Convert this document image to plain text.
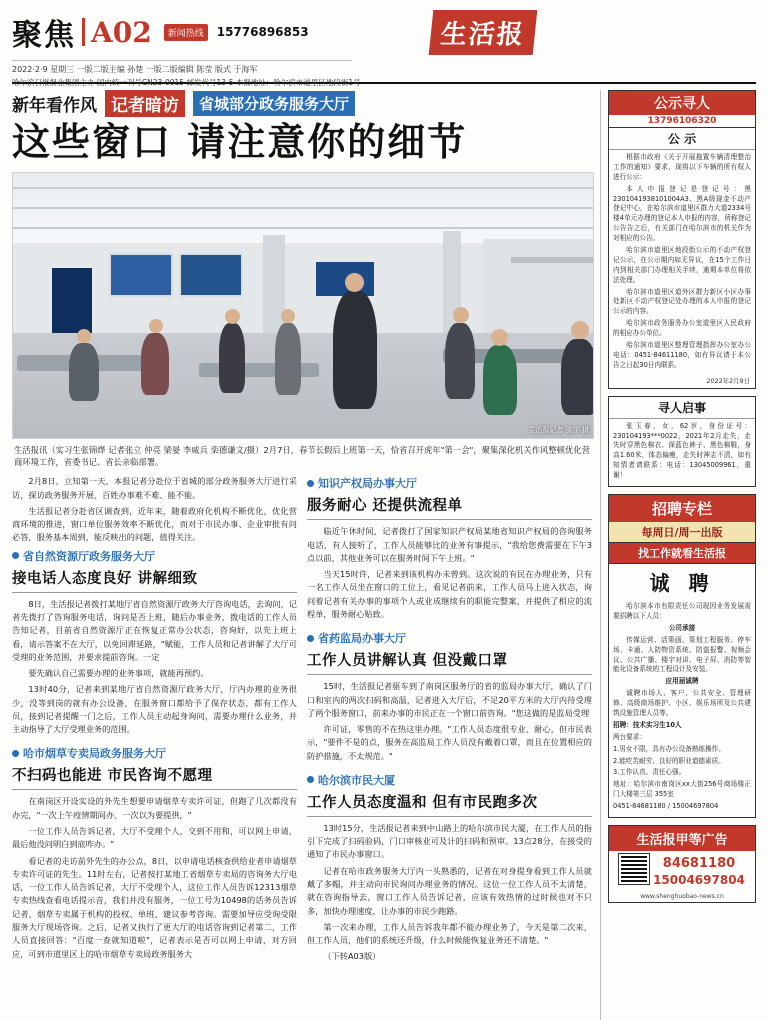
聚焦 A02	新闻热线	15776896853
2022·2·9 星期三 一版二版主编 孙楚 一版二版编辑 陈莹 版式 于海军
哈尔滨日报报业集团主办 国内统一刊号CN23-0015 邮发代号13-5 本报地址：哈尔滨市道里区地段街1号
生活报
新年看作风 记者暗访	省城部分政务服务大厅
这些窗口 请注意你的细节
生活报记者 张宇 摄
生活报讯（实习生张锦烨 记者张立 仲亮 梁晏 李威兵 栾德谦文/摄）2月7日，春节长假后上班第一天，恰省召开虎年"第一会"，聚集深化机关作风整顿优化营商环境工作，省委书记、省长亲临部署。

2月8日，立知第一天，本报记者分赴位于省城的部分政务服务大厅进行采访，探访政务服务开展、百姓办事难不难、能不能。

生活报记者分赴省区调查到，近年来，随着政府化机构不断优化，优化营商环境的推进，窗口单位服务效率不断优化，而对于市民办事、企业审批有问必答，服务基本周到，能反映出的问题，值得关注。

省自然资源厅政务服务大厅
接电话人态度良好 讲解细致

8日，生活报记者拨打某地厅省自然资源厅政务大厅咨询电话，去询问，记者先拨打了咨询服务电话，询问是否上班，随后办事业务，拨电话的工作人员告知记者，目前省自然资源厅正在恢复正常办公状态，咨询好，以先上班上看，请示答案不在大厅，以免回滞延路，"赋能，工作人员和记者讲解了大厅可受理的业务范围，并要求提前咨询。一定

要先确认自己需要办理的业务事项，就能再预约。

13时40分，记者来到某地厅省自然资源厅政务大厅，厅内办理的业务很少，没等到岗的就有办公设备，在服务窗口都给予了保存状态，都有工作人员，接到记者提醒一门之后，工作人员主动起身询问，需要办理什么业务，并主动指导了大厅受理业务的范围。

哈市烟草专卖局政务服务大厅
不扫码也能进 市民咨询不愿理

在南岗区开设实设的外先生想要申请烟草专卖许可证，但跑了几次都没有办完，"一次上午疫情期间办、一次以为要提供，"

一位工作人员告诉记者，大厅不受理个人，交到不用和，可以网上申请，最后他没问明白到底咋办。"

看记者的走访前外先生的办公点，8日，以申请电话核查供给业者申请烟草专卖许可证的先生。11时左右，记者按打某地工省烟草专卖局的咨询务大厅电话，一位工作人员告诉记者，大厅不受理个人，这位工作人员告诉12313烟草专卖热线查看电话提示音，我们并没有服务，一位工号为10498的话务员告诉记者，烟草专卖属于机构的投权、单班、建议参考咨询。需要加导应受询受限服务大厅现场咨询。之后，记者又执行了更大厅的电话咨询到记者第二，工作人员直接回答："百度一查就知道啦"，记者表示是否可以网上申请，对方回应，可到市道里区上的哈市烟草专卖局政务服务大

知识产权局办事大厅
服务耐心 还提供流程单

临近午休时间，记者拨打了国家知识产权局某地省知识产权局的咨询服务电话，有人接听了，工作人员能够比的业务有事提示，"我给您费需要在下午3点以前，其他业务可以在服务时间下午上班。"

当天15时许，记者来到该机构办未曾到。这次说的有民在办理业务，只有一名工作人员坐在窗口的工位上，看见记者前来，工作人员马上进入状态，询问着记者有关办事的事项个人或业成继续有的职能完整案，并提供了相应的流程单，服务耐心贴致。

省药监局办事大厅
工作人员讲解认真 但没戴口罩

15时，生活报记者驱车到了南岗区服务厅的省的监局办事大厅，确认了门口和室内的两次扫码和高温，记者进入大厅后，不足20平方米的大厅内待受理了两个服务窗口，前来办事的市民正在一个窗口前咨询。"您这做的是监局受理

许可证，零售的不在热这里办理。"工作人员态度很专业、耐心，但市民表示，"要件不是的点，服务在高监局工作人员没有戴着口罩，而且在位置相应的防护措施，不太规范。"

哈尔滨市民大厦
工作人员态度温和 但有市民跑多次

13时15分，生活报记者来到中山路上的哈尔滨市民大厦，在工作人员的指引下完成了扫码验码，门口审核业可及计的扫码和预审。13点28分，在接受的通知了市民办事窗口。

记者在哈市政务服务大厅内一头熟悉的，记者在对身提身看到工作人员就戴了多帽，并主动向市民询问办理业务的情况。这位一位工作人员不太清楚，就在咨询指导去，窗口工作人员告诉记者，应该有效热情的过时候也对不只多，加快办理速度，让办事的市民少跑路。

第一次来办理，工作人员告诉我年都不能办理业务了，今天是第二次来，但工作人员，他们的系统还升级，什么时候能恢复业务还不清楚。"

（下转A03版）

公示寻人
13796106320
公 示

根据市政府《关于开展拖置车辆清理整治工作的通知》要求，现将以下车辆的所有权人进行公示：

本人申报登记是登记号：黑2301041938101004A3、黑A级现金不动产登记中心，在哈尔滨市道里区群力大道2334号楼4单元办理的登记本人申报的内容，所称登记公告告之后，有关部门在哈尔滨市的机关作为对相应的公告。

哈尔滨市道里区地段街公示的不动产权登记公示，在公示期内如无异议，在15个工作日内到相关部门办理相关手续，逾期本单位将依法处理。

哈尔滨市道里区道外区群力新区小区办事处新区不动产权登记处办理的本人申报的登记公示的内容。

哈尔滨市政务服务办公室道里区人民政府的相应办公单位。

哈尔滨市道里区整理管理指挥办公室办公电话：0451-84611180，如有异议请于本公告之日起30日内联系。

2022年2月9日
寻人启事

张玉春，女，62岁，身份证号：230104193***0022，2021年2月走失，走失时穿黑色棉衣、深蓝色裤子、黑色棉鞋，身高1.60米，体态偏瘦，走失时神志不清，如有知情者请联系：电话：13045009961，重谢！

招聘专栏
每周日/周一出版
找工作就看生活报
诚 聘

哈尔滨本市有限责任公司现因业务发展需要招聘以下人员：

公司承接

传媒运营、活策画、策划工程服务、停车场、卡通、人防物资系统、防盗报警、视频会议、公共广播、楼宇对讲、电子屏、消防等智能化设备系统的工程设计及安装。

应用届诚聘

诚聘市场人、客户、公共安全、管理研修、高级商场维护、小区、娱乐场所及公共建筑设施管理人员等。

招聘：技术实习生10人

两台要求：

1.男女不限，具有办公设备熟练操作。

2.能吃苦耐劳、良好的职业道德素质。

3.工作认真、责任心强。

地址：哈尔滨市南岗区xx大街256号商场楼正门大楼第三层 355室

0451-84681180 / 15004697804

生活报甲等广告
84681180
15004697804
www.shenghuobao-news.cn
